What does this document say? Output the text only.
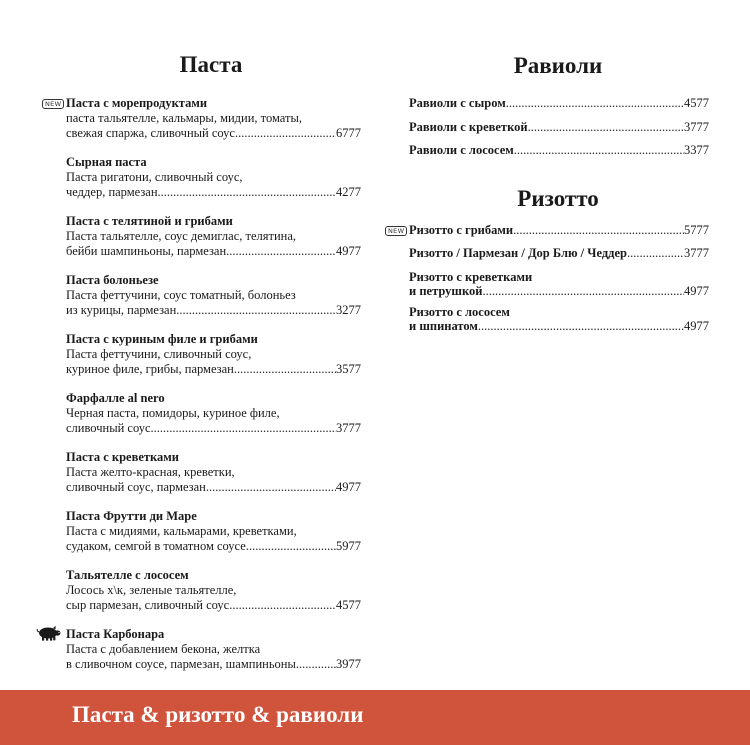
Паста	Равиоли
Ризотто
NEW
NEW
Паста с морепродуктами
паста тальятелле, кальмары, мидии, томаты,
свежая спаржа, сливочный соус .....	6777
Сырная паста
Паста ригатони, сливочный соус,
чеддер, пармезан .....	4277
Паста с телятиной и грибами
Паста тальятелле, соус демиглас, телятина,
бейби шампиньоны, пармезан .....	4977
Паста болоньезе
Паста феттучини, соус томатный, болоньез
из курицы, пармезан .....	3277
Паста с куриным филе и грибами
Паста феттучини, сливочный соус,
куриное филе, грибы, пармезан .....	3577
Фарфалле al nero
Черная паста, помидоры, куриное филе,
сливочный соус .....	3777
Паста с креветками
Паста желто-красная, креветки,
сливочный соус, пармезан .....	4977
Паста Фрутти ди Маре
Паста с мидиями, кальмарами, креветками,
судаком, семгой в томатном соусе .....	5977
Тальятелле с лососем
Лосось х\к, зеленые тальятелле,
сыр пармезан, сливочный соус .....	4577
Паста Карбонара
Паста с добавлением бекона, желтка
в сливочном соусе, пармезан, шампиньоны .....	3977
Равиоли с сыром .....	4577
Равиоли с креветкой .....	3777
Равиоли с лососем .....	3377
Ризотто с грибами .....	5777
Ризотто / Пармезан / Дор Блю / Чеддер .....	3777
Ризотто с креветками
и петрушкой .....	4977
Ризотто с лососем
и шпинатом .....	4977
Паста & ризотто & равиоли
